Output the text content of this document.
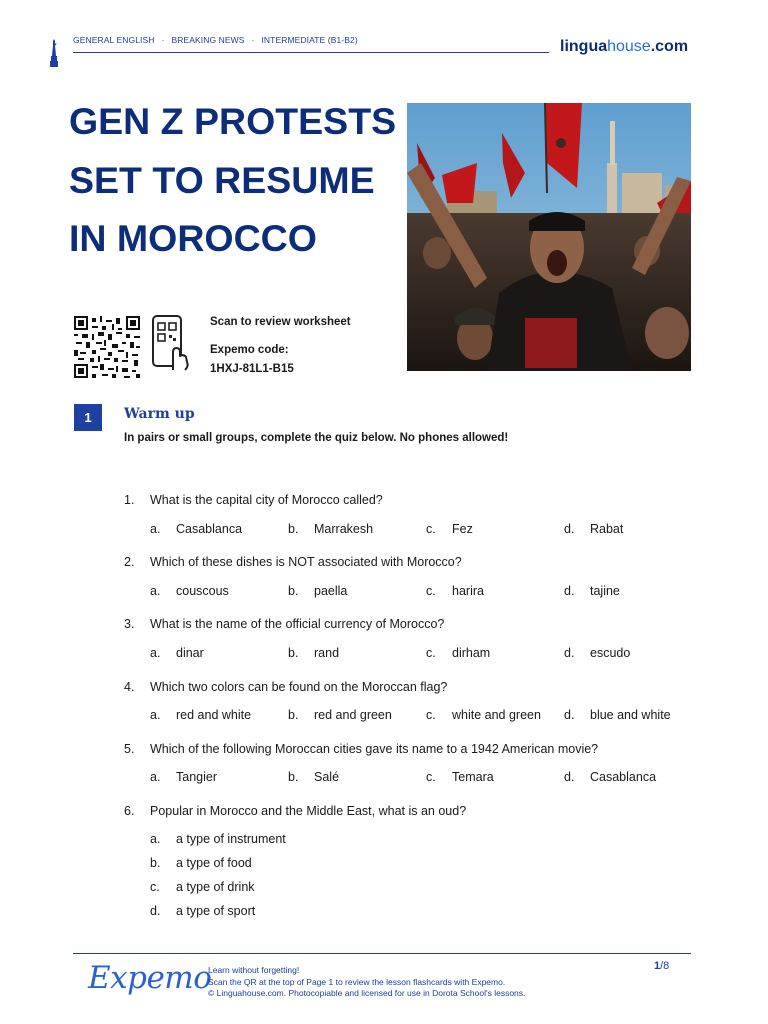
GENERAL ENGLISH · BREAKING NEWS · INTERMEDIATE (B1-B2)	linguahouse.com
GEN Z PROTESTS
SET TO RESUME
IN MOROCCO
Scan to review worksheet
Expemo code:
1HXJ-81L1-B15
1	Warm up
In pairs or small groups, complete the quiz below. No phones allowed!
1. What is the capital city of Morocco called?
a. Casablanca	b. Marrakesh	c. Fez	d. Rabat
2. Which of these dishes is NOT associated with Morocco?
a. couscous	b. paella	c. harira	d. tajine
3. What is the name of the official currency of Morocco?
a. dinar	b. rand	c. dirham	d. escudo
4. Which two colors can be found on the Moroccan flag?
a. red and white	b. red and green	c. white and green d. blue and white
5. Which of the following Moroccan cities gave its name to a 1942 American movie?
a. Tangier	b. Salé	c. Temara	d. Casablanca
6. Popular in Morocco and the Middle East, what is an oud?
a. a type of instrument
b. a type of food
c. a type of drink
d. a type of sport
Expemo
Learn without forgetting!
Scan the QR at the top of Page 1 to review the lesson flashcards with Expemo.
© Linguahouse.com. Photocopiable and licensed for use in Dorota School's lessons.
1/8
